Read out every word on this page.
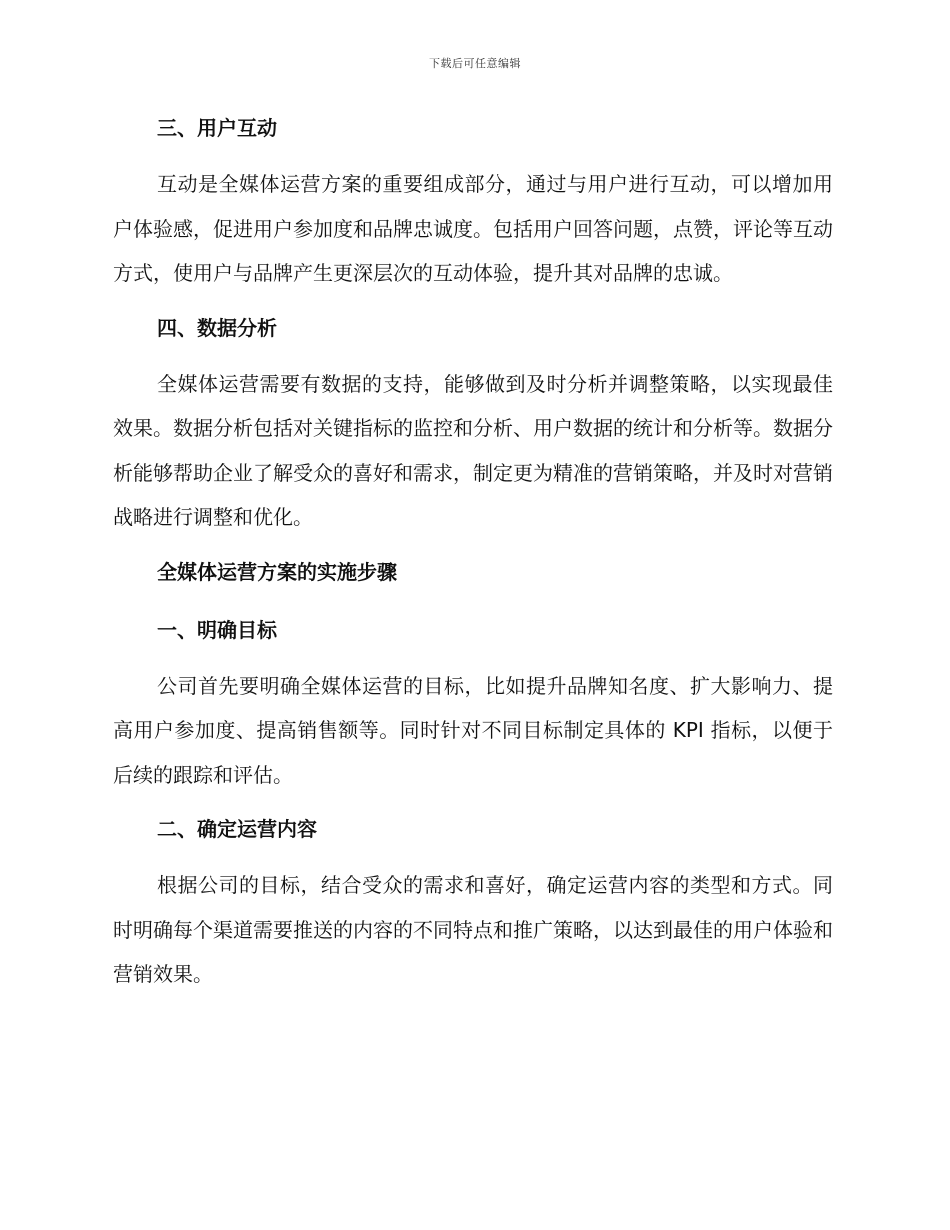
下载后可任意编辑
三、用户互动

互动是全媒体运营方案的重要组成部分，通过与用户进行互动，可以增加用户体验感，促进用户参加度和品牌忠诚度。包括用户回答问题，点赞，评论等互动方式，使用户与品牌产生更深层次的互动体验，提升其对品牌的忠诚。

四、数据分析

全媒体运营需要有数据的支持，能够做到及时分析并调整策略，以实现最佳效果。数据分析包括对关键指标的监控和分析、用户数据的统计和分析等。数据分析能够帮助企业了解受众的喜好和需求，制定更为精准的营销策略，并及时对营销战略进行调整和优化。

全媒体运营方案的实施步骤
一、明确目标

公司首先要明确全媒体运营的目标，比如提升品牌知名度、扩大影响力、提高用户参加度、提高销售额等。同时针对不同目标制定具体的 KPI 指标，以便于后续的跟踪和评估。

二、确定运营内容

根据公司的目标，结合受众的需求和喜好，确定运营内容的类型和方式。同时明确每个渠道需要推送的内容的不同特点和推广策略，以达到最佳的用户体验和营销效果。
